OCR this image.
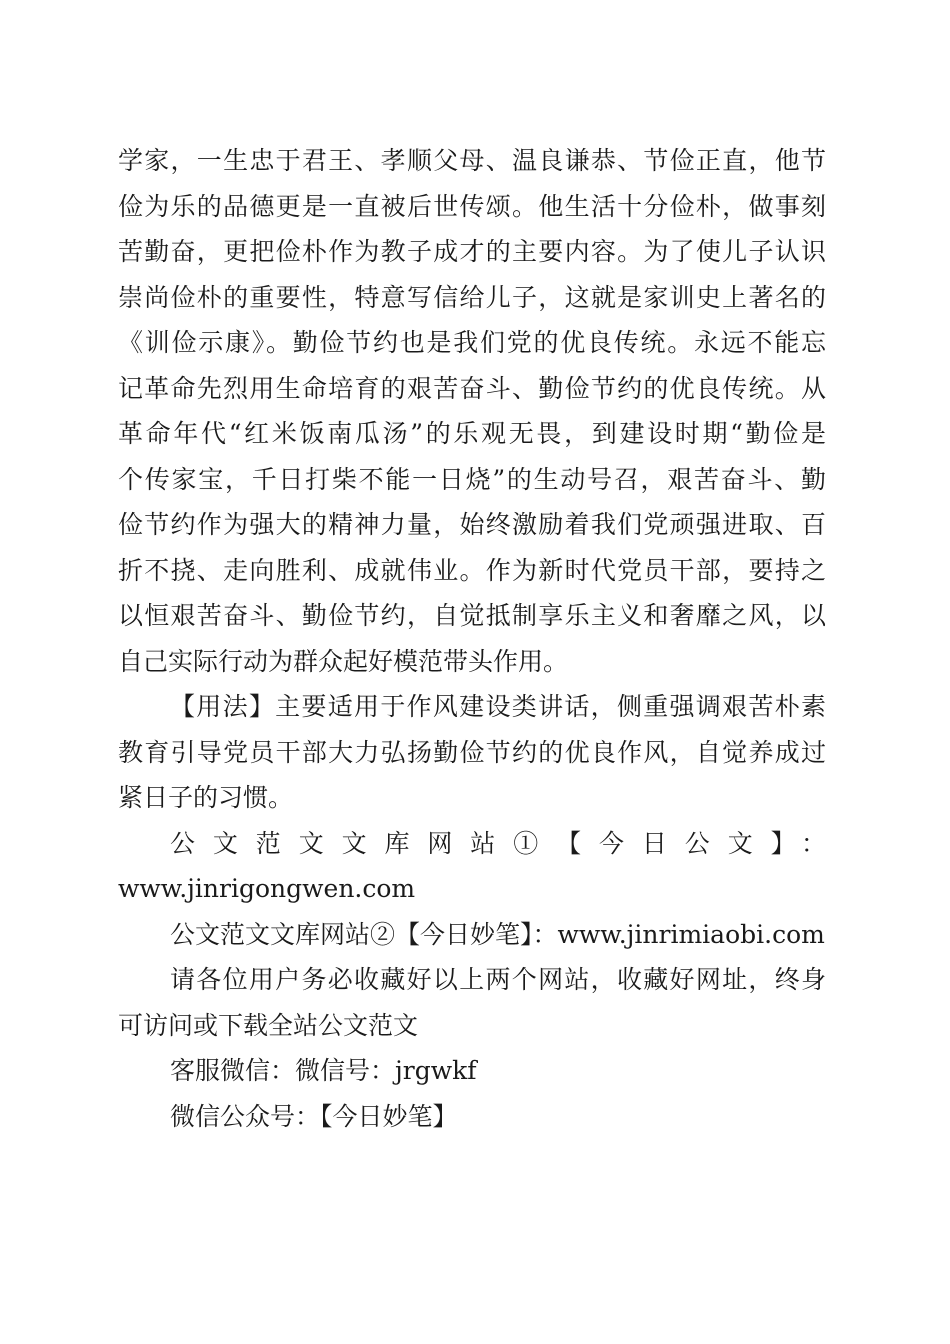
学家，一生忠于君王、孝顺父母、温良谦恭、节俭正直，他节
俭为乐的品德更是一直被后世传颂。他生活十分俭朴，做事刻
苦勤奋，更把俭朴作为教子成才的主要内容。为了使儿子认识
崇尚俭朴的重要性，特意写信给儿子，这就是家训史上著名的
《训俭示康》。勤俭节约也是我们党的优良传统。永远不能忘
记革命先烈用生命培育的艰苦奋斗、勤俭节约的优良传统。从
革命年代“红米饭南瓜汤”的乐观无畏，到建设时期“勤俭是
个传家宝，千日打柴不能一日烧”的生动号召，艰苦奋斗、勤
俭节约作为强大的精神力量，始终激励着我们党顽强进取、百
折不挠、走向胜利、成就伟业。作为新时代党员干部，要持之
以恒艰苦奋斗、勤俭节约，自觉抵制享乐主义和奢靡之风，以
自己实际行动为群众起好模范带头作用。
【用法】主要适用于作风建设类讲话，侧重强调艰苦朴素
教育引导党员干部大力弘扬勤俭节约的优良作风，自觉养成过
紧日子的习惯。
公文范文文库网站①【今日公文】：
www.jinrigongwen.com
公文范文文库网站②【今日妙笔】：www.jinrimiaobi.com
请各位用户务必收藏好以上两个网站，收藏好网址，终身
可访问或下载全站公文范文
客服微信：微信号：jrgwkf
微信公众号：【今日妙笔】
